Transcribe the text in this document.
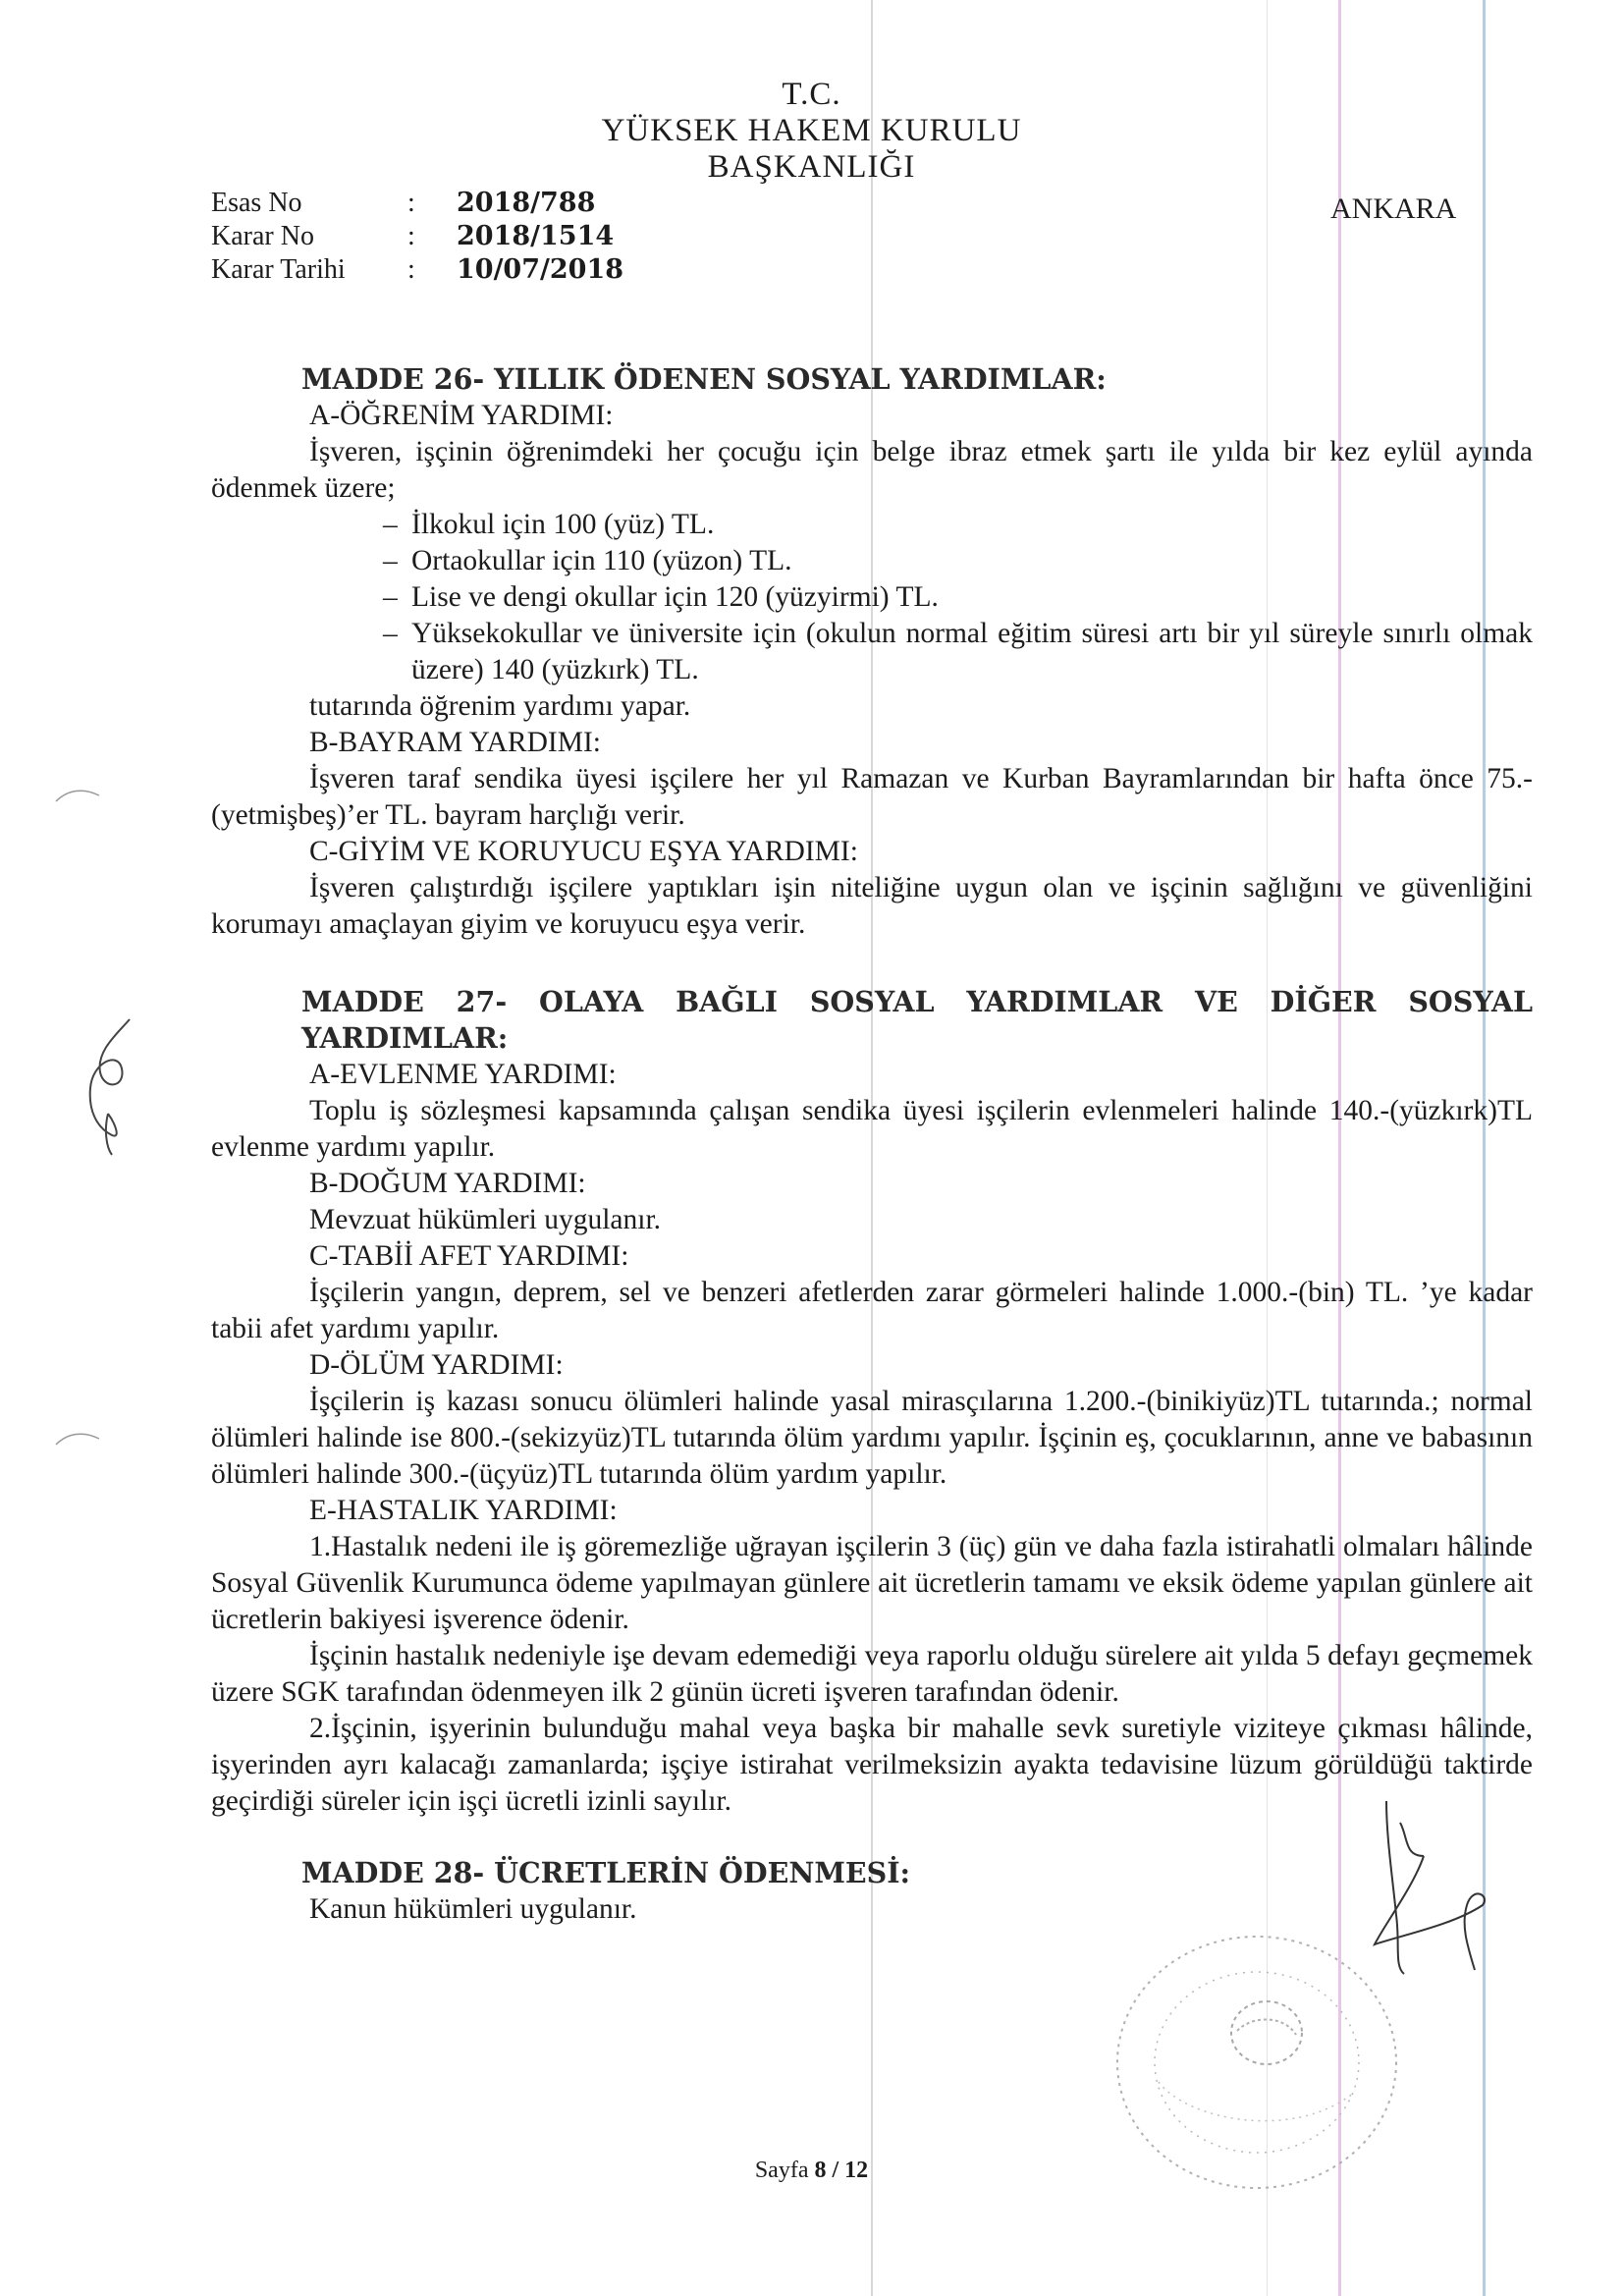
T.C.
YÜKSEK HAKEM KURULU
BAŞKANLIĞI
Esas No	:	2018/788
Karar No	:	2018/1514
Karar Tarihi	:	10/07/2018
ANKARA
MADDE 26- YILLIK ÖDENEN SOSYAL YARDIMLAR:
A-ÖĞRENİM YARDIMI:
İşveren, işçinin öğrenimdeki her çocuğu için belge ibraz etmek şartı ile yılda bir kez eylül ayında ödenmek üzere;
– İlkokul için 100 (yüz) TL.
– Ortaokullar için 110 (yüzon) TL.
– Lise ve dengi okullar için 120 (yüzyirmi) TL.
– Yüksekokullar ve üniversite için (okulun normal eğitim süresi artı bir yıl süreyle sınırlı olmak üzere) 140 (yüzkırk) TL.
tutarında öğrenim yardımı yapar.
B-BAYRAM YARDIMI:
İşveren taraf sendika üyesi işçilere her yıl Ramazan ve Kurban Bayramlarından bir hafta önce 75.-(yetmişbeş)’er TL. bayram harçlığı verir.
C-GİYİM VE KORUYUCU EŞYA YARDIMI:
İşveren çalıştırdığı işçilere yaptıkları işin niteliğine uygun olan ve işçinin sağlığını ve güvenliğini korumayı amaçlayan giyim ve koruyucu eşya verir.
MADDE 27- OLAYA BAĞLI SOSYAL YARDIMLAR VE DİĞER SOSYAL YARDIMLAR:
A-EVLENME YARDIMI:
Toplu iş sözleşmesi kapsamında çalışan sendika üyesi işçilerin evlenmeleri halinde 140.-(yüzkırk)TL evlenme yardımı yapılır.
B-DOĞUM YARDIMI:
Mevzuat hükümleri uygulanır.
C-TABİİ AFET YARDIMI:
İşçilerin yangın, deprem, sel ve benzeri afetlerden zarar görmeleri halinde 1.000.-(bin) TL. ’ye kadar tabii afet yardımı yapılır.
D-ÖLÜM YARDIMI:
İşçilerin iş kazası sonucu ölümleri halinde yasal mirasçılarına 1.200.-(binikiyüz)TL tutarında.; normal ölümleri halinde ise 800.-(sekizyüz)TL tutarında ölüm yardımı yapılır. İşçinin eş, çocuklarının, anne ve babasının ölümleri halinde 300.-(üçyüz)TL tutarında ölüm yardım yapılır.
E-HASTALIK YARDIMI:
1.Hastalık nedeni ile iş göremezliğe uğrayan işçilerin 3 (üç) gün ve daha fazla istirahatli olmaları hâlinde Sosyal Güvenlik Kurumunca ödeme yapılmayan günlere ait ücretlerin tamamı ve eksik ödeme yapılan günlere ait ücretlerin bakiyesi işverence ödenir.
İşçinin hastalık nedeniyle işe devam edemediği veya raporlu olduğu sürelere ait yılda 5 defayı geçmemek üzere SGK tarafından ödenmeyen ilk 2 günün ücreti işveren tarafından ödenir.
2.İşçinin, işyerinin bulunduğu mahal veya başka bir mahalle sevk suretiyle viziteye çıkması hâlinde, işyerinden ayrı kalacağı zamanlarda; işçiye istirahat verilmeksizin ayakta tedavisine lüzum görüldüğü taktirde geçirdiği süreler için işçi ücretli izinli sayılır.
MADDE 28- ÜCRETLERİN ÖDENMESİ:
Kanun hükümleri uygulanır.
Sayfa 8 / 12
